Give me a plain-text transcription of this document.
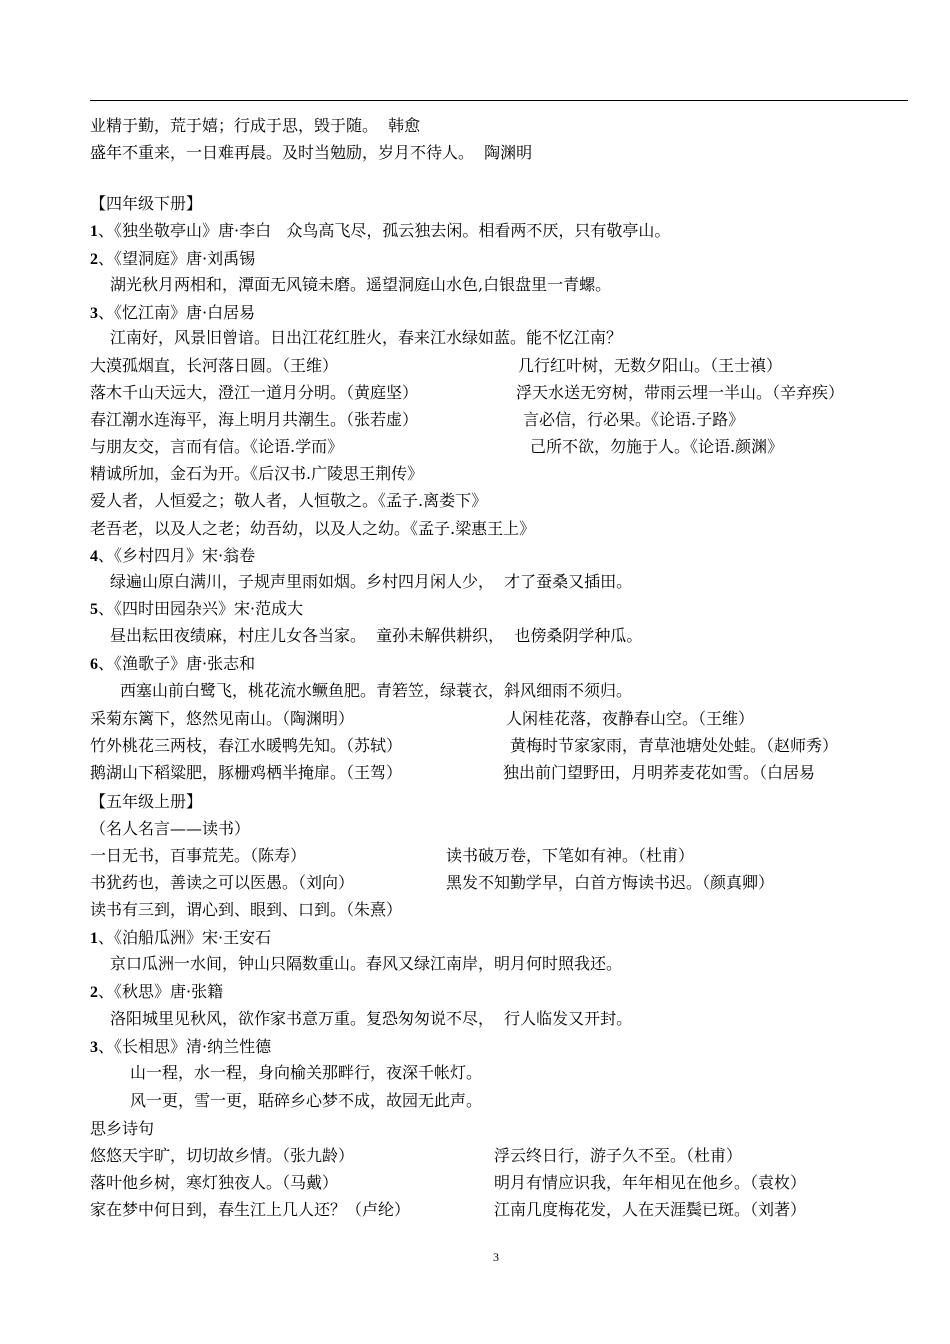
业精于勤，荒于嬉；行成于思，毁于随。  韩愈
盛年不重来，一日难再晨。及时当勉励，岁月不待人。  陶渊明
【四年级下册】
1、《独坐敬亭山》唐·李白   众鸟高飞尽，孤云独去闲。相看两不厌，只有敬亭山。
2、《望洞庭》唐·刘禹锡
湖光秋月两相和，潭面无风镜未磨。遥望洞庭山水色,白银盘里一青螺。
3、《忆江南》唐·白居易
江南好，风景旧曾谙。日出江花红胜火，春来江水绿如蓝。能不忆江南？
大漠孤烟直，长河落日圆。（王维）	几行红叶树，无数夕阳山。（王士禛）
落木千山天远大，澄江一道月分明。（黄庭坚）	浮天水送无穷树，带雨云埋一半山。（辛弃疾）
春江潮水连海平，海上明月共潮生。（张若虚）	言必信，行必果。《论语.子路》
与朋友交，言而有信。《论语.学而》	己所不欲，勿施于人。《论语.颜渊》
精诚所加，金石为开。《后汉书.广陵思王荆传》
爱人者，人恒爱之；敬人者，人恒敬之。《孟子.离娄下》
老吾老，以及人之老；幼吾幼，以及人之幼。《孟子.梁惠王上》
4、《乡村四月》宋·翁卷
绿遍山原白满川，子规声里雨如烟。乡村四月闲人少，  才了蚕桑又插田。
5、《四时田园杂兴》宋·范成大
昼出耘田夜绩麻，村庄儿女各当家。  童孙未解供耕织，  也傍桑阴学种瓜。
6、《渔歌子》唐·张志和
西塞山前白鹭飞，桃花流水鳜鱼肥。青箬笠，绿蓑衣，斜风细雨不须归。
采菊东篱下，悠然见南山。（陶渊明）	人闲桂花落，夜静春山空。（王维）
竹外桃花三两枝，春江水暖鸭先知。（苏轼）	黄梅时节家家雨，青草池塘处处蛙。（赵师秀）
鹅湖山下稻粱肥，豚栅鸡栖半掩扉。（王驾）	独出前门望野田，月明荞麦花如雪。（白居易
【五年级上册】
（名人名言——读书）
一日无书，百事荒芜。（陈寿）	读书破万卷，下笔如有神。（杜甫）
书犹药也，善读之可以医愚。（刘向）	黑发不知勤学早，白首方悔读书迟。（颜真卿）
读书有三到，谓心到、眼到、口到。（朱熹）
1、《泊船瓜洲》宋·王安石
京口瓜洲一水间，钟山只隔数重山。春风又绿江南岸，明月何时照我还。
2、《秋思》唐·张籍
洛阳城里见秋风，欲作家书意万重。复恐匆匆说不尽，  行人临发又开封。
3、《长相思》清·纳兰性德
山一程，水一程，身向榆关那畔行，夜深千帐灯。
风一更，雪一更，聒碎乡心梦不成，故园无此声。
思乡诗句
悠悠天宇旷，切切故乡情。（张九龄）	浮云终日行，游子久不至。（杜甫）
落叶他乡树，寒灯独夜人。（马戴）	明月有情应识我，年年相见在他乡。（袁枚）
家在梦中何日到，春生江上几人还？（卢纶）	江南几度梅花发，人在天涯鬓已斑。（刘著）
3
